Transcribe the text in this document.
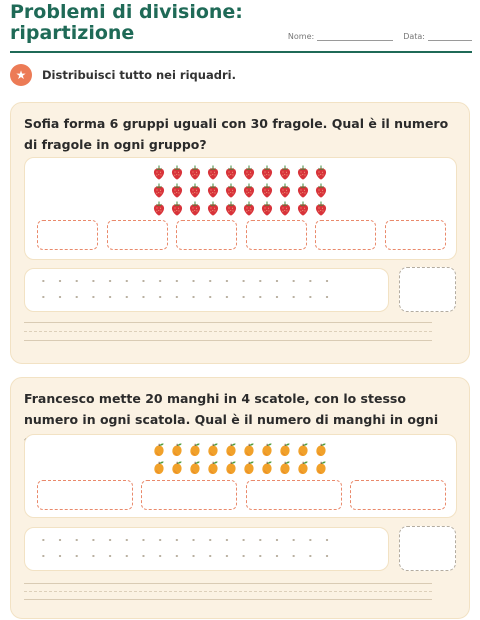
Problemi di divisione:
ripartizione	Nome:	Data:
★	Distribuisci tutto nei riquadri.
Sofia forma 6 gruppi uguali con 30 fragole. Qual è il numero di fragole in ogni gruppo?
Francesco mette 20 manghi in 4 scatole, con lo stesso numero in ogni scatola. Qual è il numero di manghi in ogni
